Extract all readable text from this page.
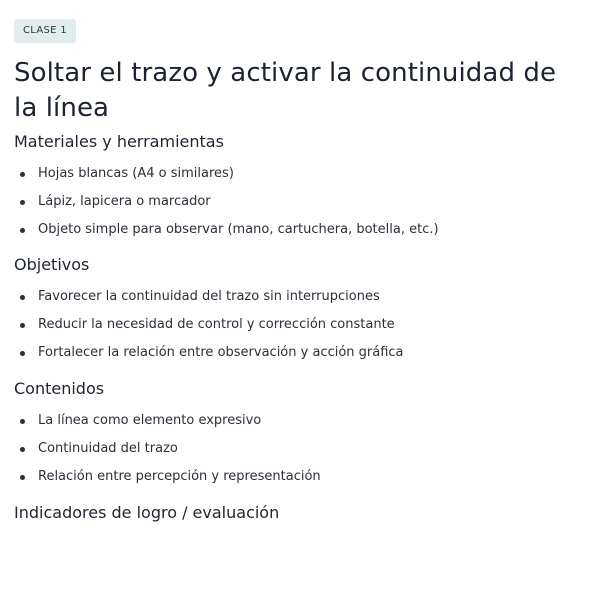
CLASE 1
Soltar el trazo y activar la continuidad de la línea
Materiales y herramientas
Hojas blancas (A4 o similares)
Lápiz, lapicera o marcador
Objeto simple para observar (mano, cartuchera, botella, etc.)
Objetivos
Favorecer la continuidad del trazo sin interrupciones
Reducir la necesidad de control y corrección constante
Fortalecer la relación entre observación y acción gráfica
Contenidos
La línea como elemento expresivo
Continuidad del trazo
Relación entre percepción y representación
Indicadores de logro / evaluación
